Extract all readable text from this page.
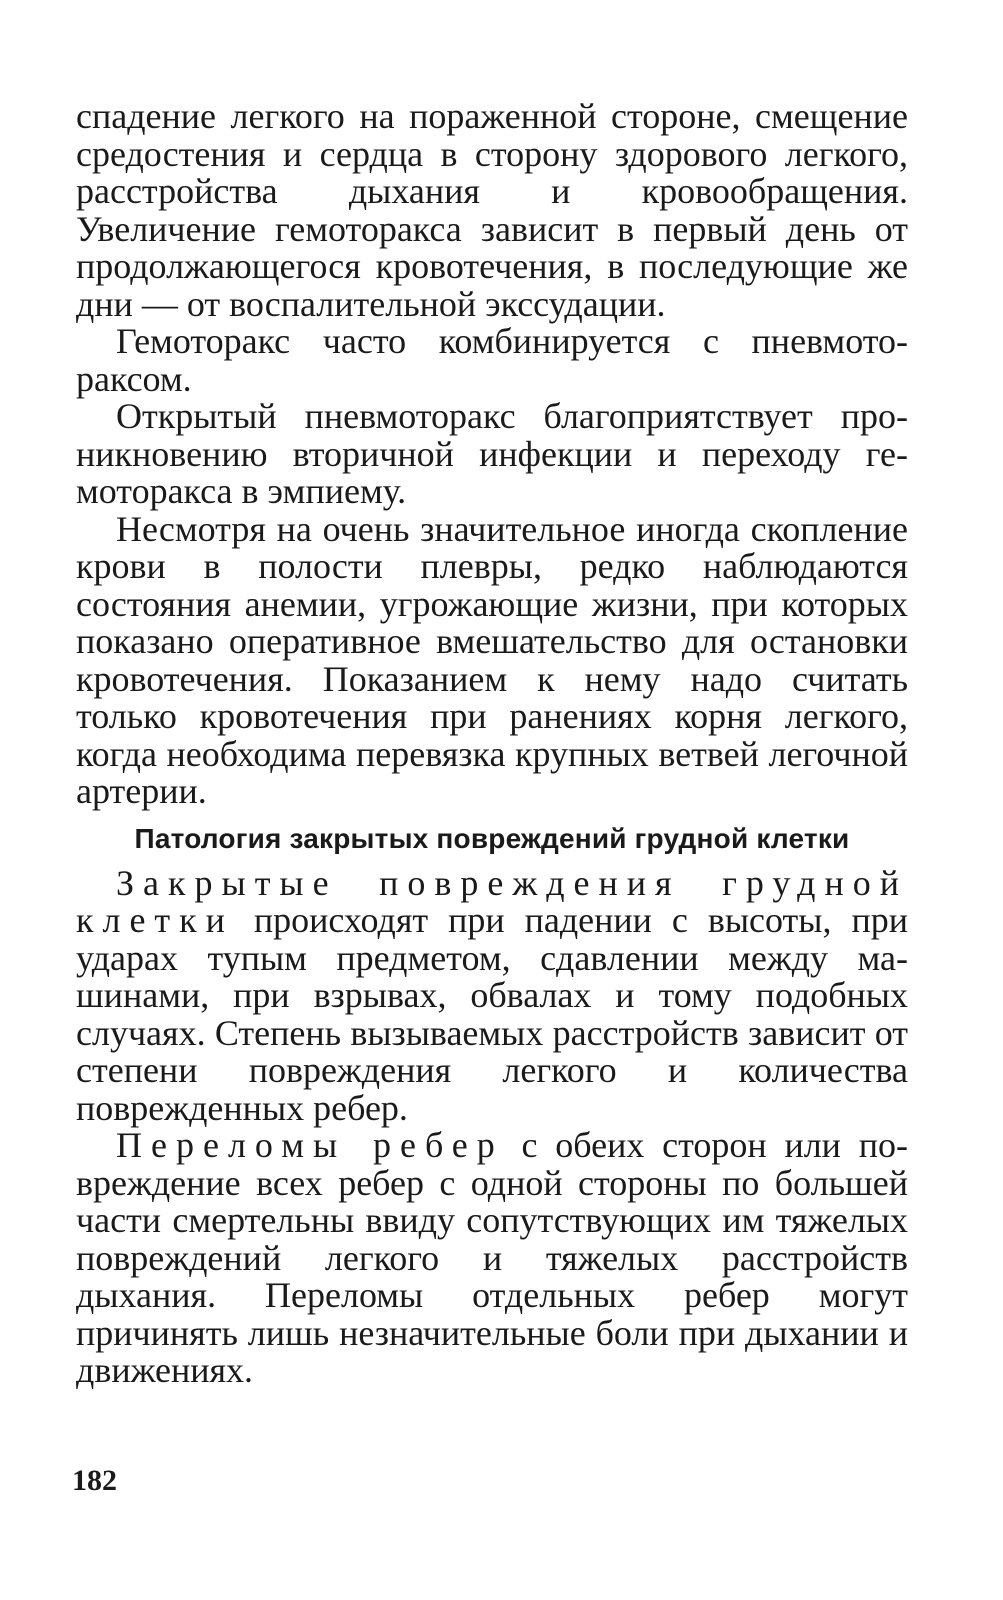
спадение легкого на пораженной стороне, смещение средостения и сердца в сторону здорового легкого, расстройства дыхания и кровообращения. Увеличение гемоторакса зависит в первый день от продолжающегося кровотечения, в последующие же дни — от воспалительной экссудации.

Гемоторакс часто комбинируется с пневмотораксом.

Открытый пневмоторакс благоприятствует проникновению вторичной инфекции и переходу гемоторакса в эмпиему.

Несмотря на очень значительное иногда скопление крови в полости плевры, редко наблюдаются состояния анемии, угрожающие жизни, при которых показано оперативное вмешательство для остановки кровотечения. Показанием к нему надо считать только кровотечения при ранениях корня легкого, когда необходима перевязка крупных ветвей легочной артерии.

Патология закрытых повреждений грудной клетки

Закрытые повреждения грудной клетки происходят при падении с высоты, при ударах тупым предметом, сдавлении между машинами, при взрывах, обвалах и тому подобных случаях. Степень вызываемых расстройств зависит от степени повреждения легкого и количества поврежденных ребер.

Переломы ребер с обеих сторон или повреждение всех ребер с одной стороны по большей части смертельны ввиду сопутствующих им тяжелых повреждений легкого и тяжелых расстройств дыхания. Переломы отдельных ребер могут причинять лишь незначительные боли при дыхании и движениях.

182
